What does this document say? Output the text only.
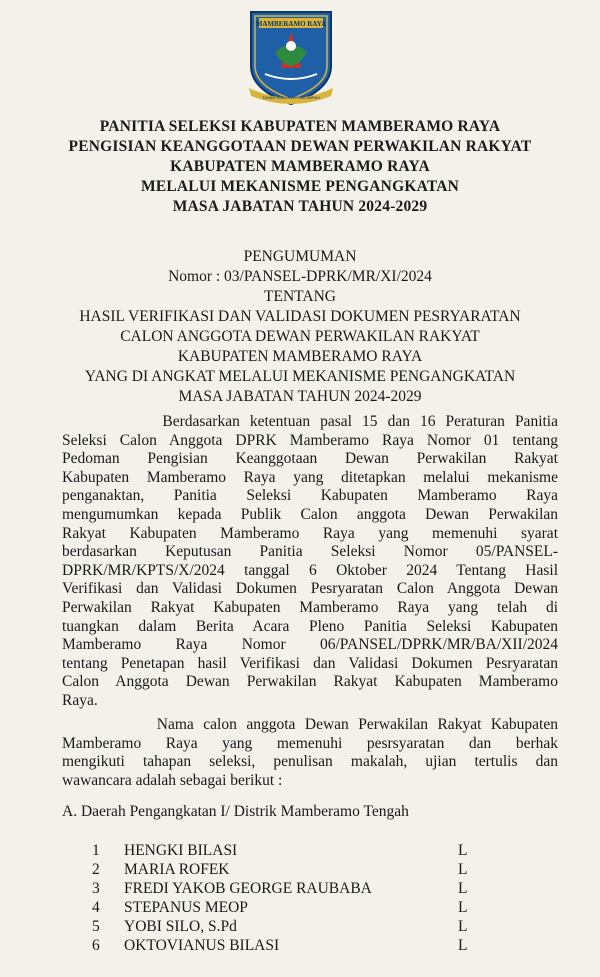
MAMBERAMO RAYA
TANAH SUBUR AIR MELIMPAH
PANITIA SELEKSI KABUPATEN MAMBERAMO RAYA
PENGISIAN KEANGGOTAAN DEWAN PERWAKILAN RAKYAT
KABUPATEN MAMBERAMO RAYA
MELALUI MEKANISME PENGANGKATAN
MASA JABATAN TAHUN 2024-2029
PENGUMUMAN
Nomor : 03/PANSEL-DPRK/MR/XI/2024
TENTANG
HASIL VERIFIKASI DAN VALIDASI DOKUMEN PESRYARATAN
CALON ANGGOTA DEWAN PERWAKILAN RAKYAT
KABUPATEN MAMBERAMO RAYA
YANG DI ANGKAT MELALUI MEKANISME PENGANGKATAN
MASA JABATAN TAHUN 2024-2029
Berdasarkan ketentuan pasal 15 dan 16 Peraturan Panitia
Seleksi Calon Anggota DPRK Mamberamo Raya Nomor 01 tentang
Pedoman Pengisian Keanggotaan Dewan Perwakilan Rakyat
Kabupaten Mamberamo Raya yang ditetapkan melalui mekanisme
penganaktan, Panitia Seleksi Kabupaten Mamberamo Raya
mengumumkan kepada Publik Calon anggota Dewan Perwakilan
Rakyat Kabupaten Mamberamo Raya yang memenuhi syarat
berdasarkan Keputusan Panitia Seleksi Nomor 05/PANSEL-
DPRK/MR/KPTS/X/2024 tanggal 6 Oktober 2024 Tentang Hasil
Verifikasi dan Validasi Dokumen Pesryaratan Calon Anggota Dewan
Perwakilan Rakyat Kabupaten Mamberamo Raya yang telah di
tuangkan dalam Berita Acara Pleno Panitia Seleksi Kabupaten
Mamberamo Raya Nomor 06/PANSEL/DPRK/MR/BA/XII/2024
tentang Penetapan hasil Verifikasi dan Validasi Dokumen Pesryaratan
Calon Anggota Dewan Perwakilan Rakyat Kabupaten Mamberamo
Raya.
Nama calon anggota Dewan Perwakilan Rakyat Kabupaten
Mamberamo Raya yang memenuhi pesrsyaratan dan berhak
mengikuti tahapan seleksi, penulisan makalah, ujian tertulis dan
wawancara adalah sebagai berikut :
A. Daerah Pengangkatan I/ Distrik Mamberamo Tengah
1	HENGKI BILASI	L
2	MARIA ROFEK	L
3	FREDI YAKOB GEORGE RAUBABA	L
4	STEPANUS MEOP	L
5	YOBI SILO, S.Pd	L
6	OKTOVIANUS BILASI	L
